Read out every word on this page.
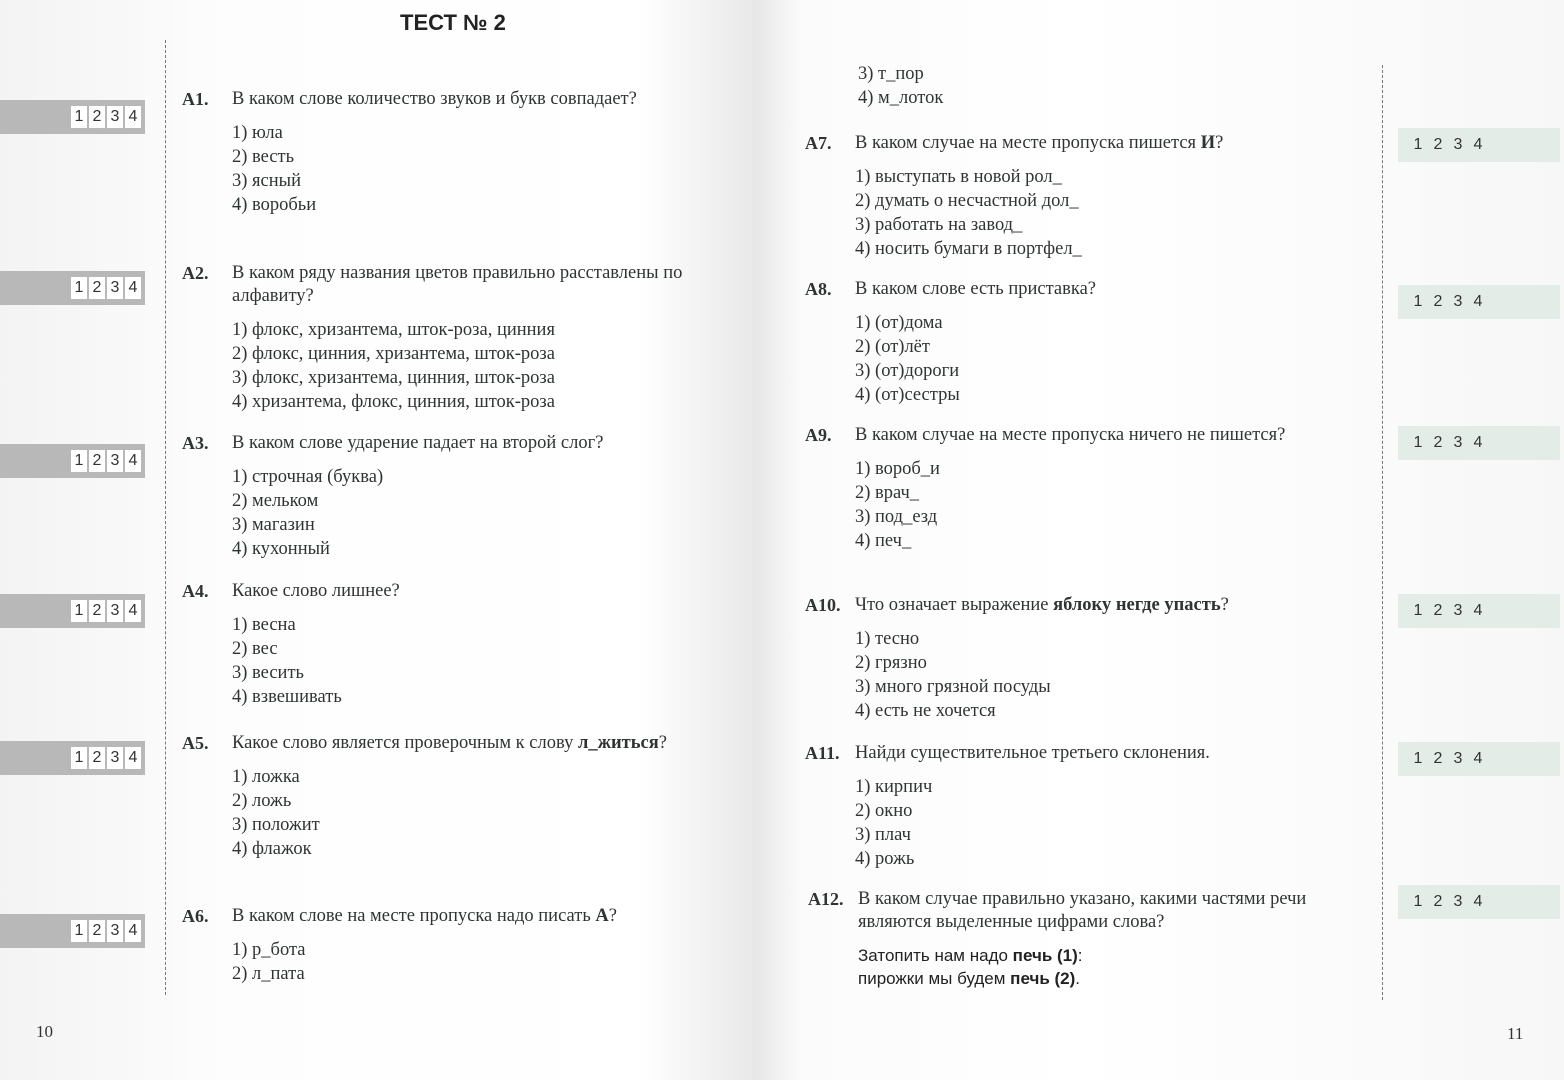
ТЕСТ № 2
10
А1. В каком слове количество звуков и букв совпадает?
1) юла
2) весть
3) ясный
4) воробьи
1 2 3 4
А2. В каком ряду названия цветов правильно расставлены по алфавиту?
1) флокс, хризантема, шток-роза, цинния
2) флокс, цинния, хризантема, шток-роза
3) флокс, хризантема, цинния, шток-роза
4) хризантема, флокс, цинния, шток-роза
1 2 3 4
А3. В каком слове ударение падает на второй слог?
1) строчная (буква)
2) мельком
3) магазин
4) кухонный
1 2 3 4
А4. Какое слово лишнее?
1) весна
2) вес
3) весить
4) взвешивать
1 2 3 4
А5. Какое слово является проверочным к слову л_житься?
1) ложка
2) ложь
3) положит
4) флажок
1 2 3 4
А6. В каком слове на месте пропуска надо писать А?
1) р_бота
2) л_пата
1 2 3 4
11
3) т_пор
4) м_лоток
А7. В каком случае на месте пропуска пишется И?
1) выступать в новой рол_
2) думать о несчастной дол_
3) работать на завод_
4) носить бумаги в портфел_
1 2 3 4
А8. В каком слове есть приставка?
1) (от)дома
2) (от)лёт
3) (от)дороги
4) (от)сестры
1 2 3 4
А9. В каком случае на месте пропуска ничего не пишется?
1) вороб_и
2) врач_
3) под_езд
4) печ_
1 2 3 4
А10. Что означает выражение яблоку негде упасть?
1) тесно
2) грязно
3) много грязной посуды
4) есть не хочется
1 2 3 4
А11. Найди существительное третьего склонения.
1) кирпич
2) окно
3) плач
4) рожь
1 2 3 4
А12. В каком случае правильно указано, какими частями речи являются выделенные цифрами слова?
Затопить нам надо печь (1):
пирожки мы будем печь (2).
1 2 3 4
